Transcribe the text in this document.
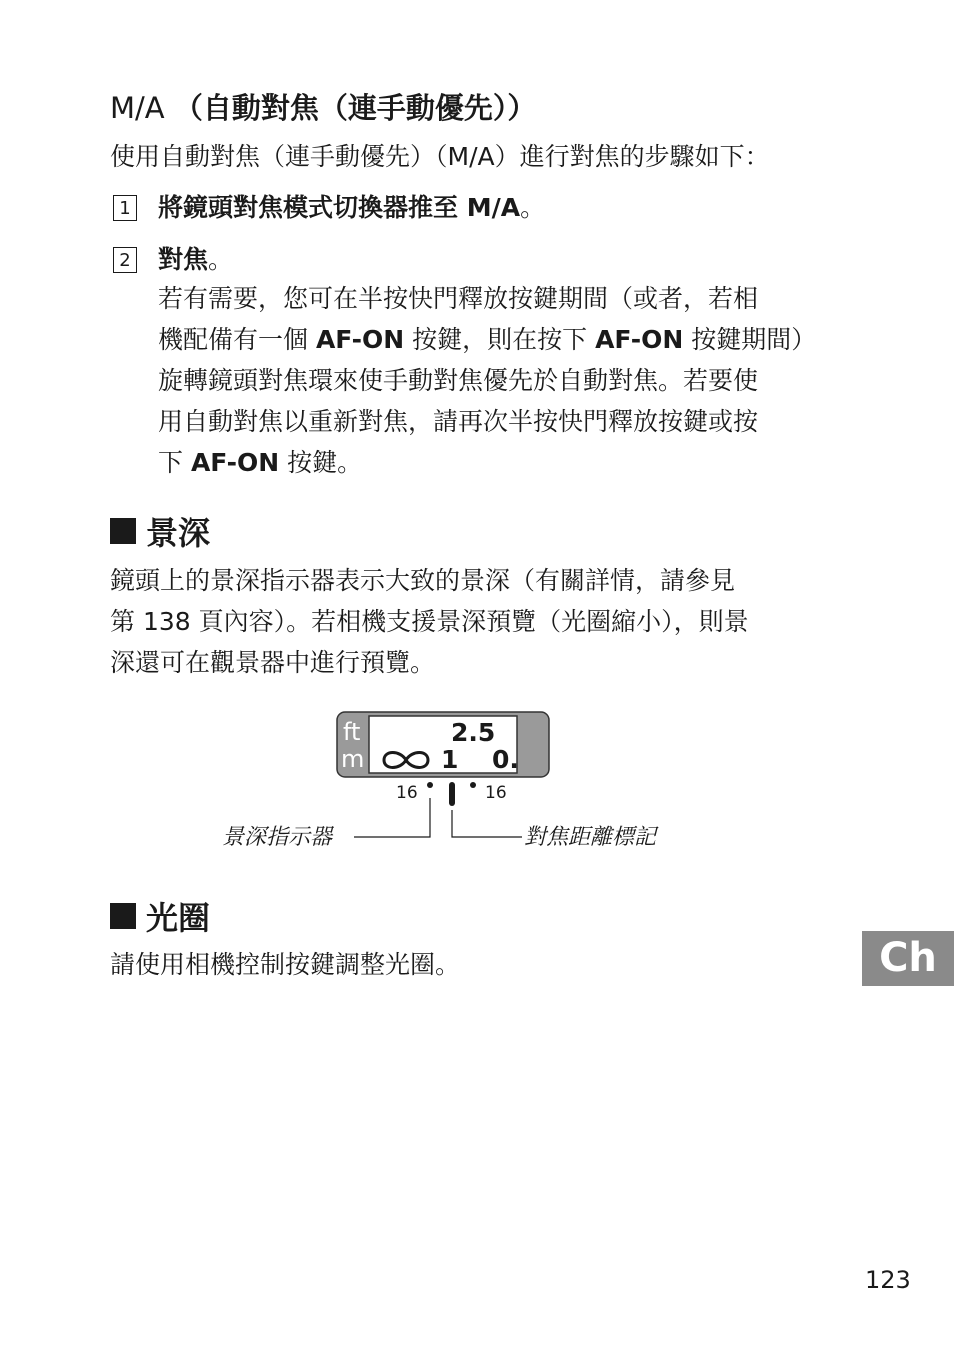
M/A （自動對焦（連手動優先））
使用自動對焦（連手動優先）（M/A）進行對焦的步驟如下：
1 將鏡頭對焦模式切換器推至 M/A。
2 對焦。
若有需要，您可在半按快門釋放按鍵期間（或者，若相
機配備有一個 AF-ON 按鍵，則在按下 AF-ON 按鍵期間）
旋轉鏡頭對焦環來使手動對焦優先於自動對焦。若要使
用自動對焦以重新對焦，請再次半按快門釋放按鍵或按
下 AF-ON 按鍵。
景深
鏡頭上的景深指示器表示大致的景深（有關詳情，請參見
第 138 頁內容）。若相機支援景深預覽（光圈縮小），則景
深還可在觀景器中進行預覽。
ft
m
2.5
1 0.
16	16
景深指示器	對焦距離標記
光圈
請使用相機控制按鍵調整光圈。	Ch
123
